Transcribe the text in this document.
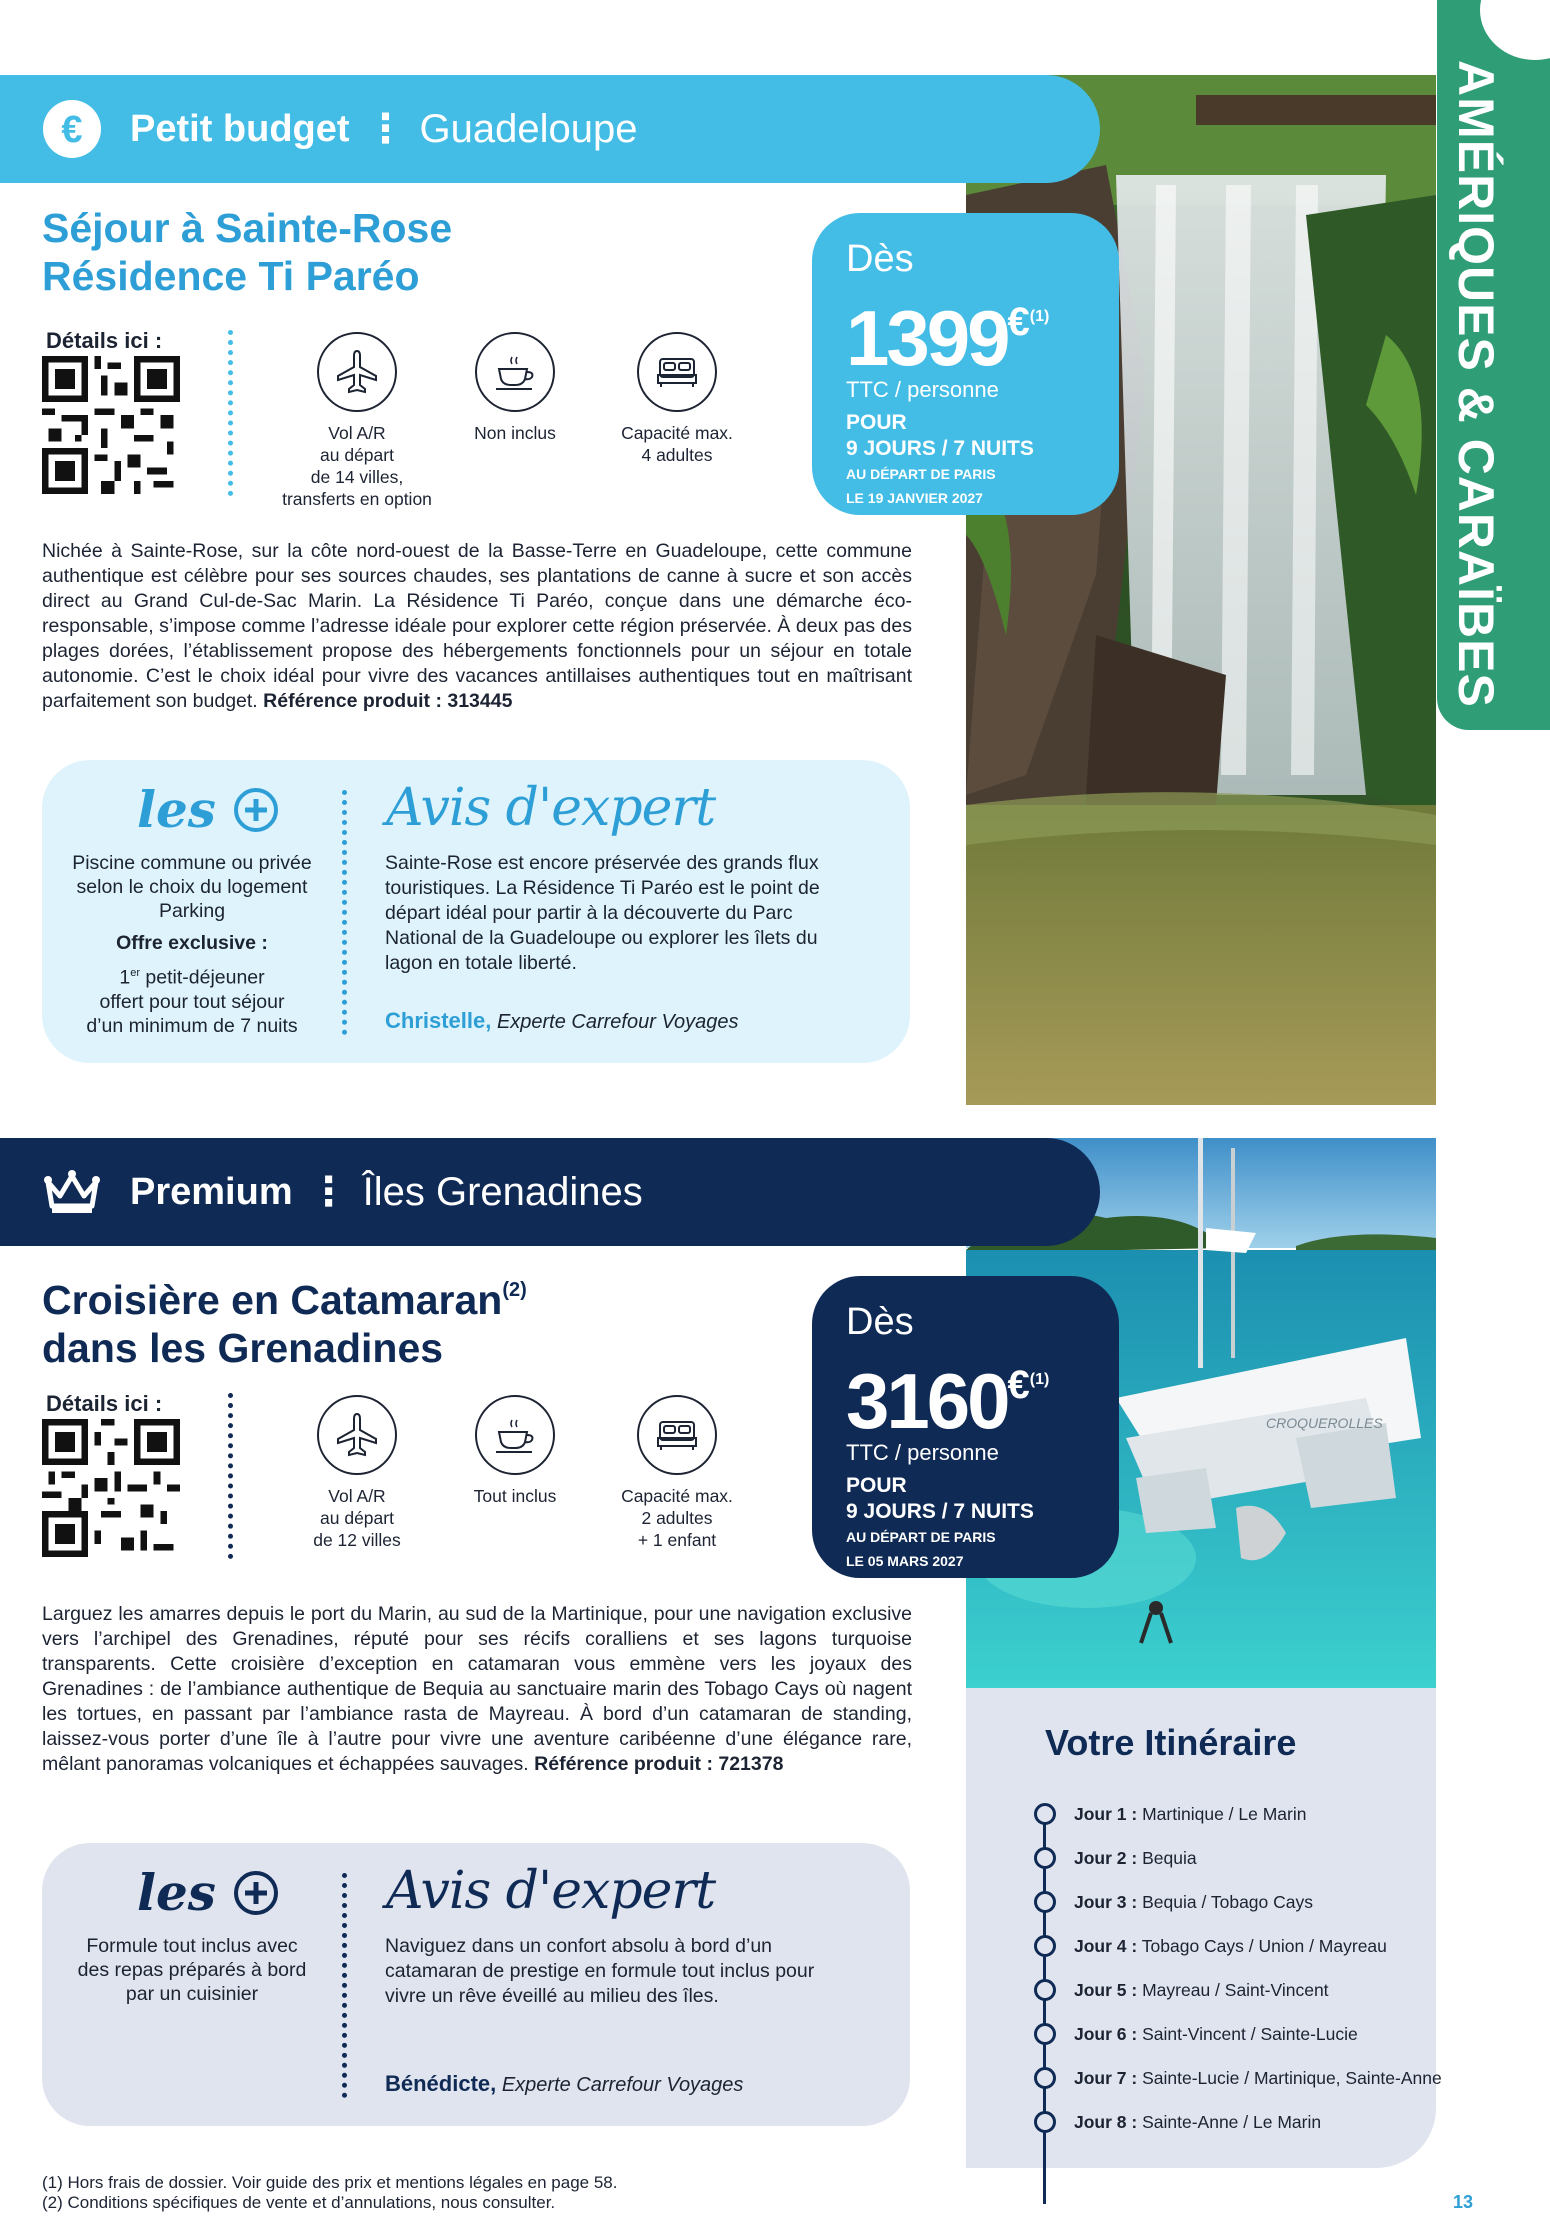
AMÉRIQUES & CARAÏBES
€ Petit budget ⋮ Guadeloupe
Séjour à Sainte-Rose
Résidence Ti Paréo
Détails ici :
Vol A/R
au départ
de 14 villes,
transferts en option
Non inclus	Capacité max.
4 adultes
Dès
1399$^{€(1)}$
TTC / personne
POUR
9 JOURS / 7 NUITS
AU DÉPART DE PARIS
LE 19 JANVIER 2027
Avec transport
Nichée à Sainte-Rose, sur la côte nord-ouest de la Basse-Terre en Guadeloupe, cette commune authentique est célèbre pour ses sources chaudes, ses plantations de canne à sucre et son accès direct au Grand Cul-de-Sac Marin. La Résidence Ti Paréo, conçue dans une démarche éco-responsable, s’impose comme l’adresse idéale pour explorer cette région préservée. À deux pas des plages dorées, l’établissement propose des hébergements fonctionnels pour un séjour en totale autonomie. C’est le choix idéal pour vivre des vacances antillaises authentiques tout en maîtrisant parfaitement son budget. Référence produit : 313445
les
Piscine commune ou privée
selon le choix du logement
Parking
Offre exclusive :
1er petit-déjeuner
offert pour tout séjour
d’un minimum de 7 nuits
Avis d'expert
Sainte-Rose est encore préservée des grands flux touristiques. La Résidence Ti Paréo est le point de départ idéal pour partir à la découverte du Parc National de la Guadeloupe ou explorer les îlets du lagon en totale liberté.
Christelle, Experte Carrefour Voyages
CROQUEROLLES
Premium ⋮ Îles Grenadines
Croisière en Catamaran$^{(2)}$
dans les Grenadines
Détails ici :
Vol A/R
au départ
de 12 villes
Tout inclus	Capacité max.
2 adultes
+ 1 enfant
Dès
3160$^{€(1)}$
TTC / personne
POUR
9 JOURS / 7 NUITS
AU DÉPART DE PARIS
LE 05 MARS 2027
Avec transport
Larguez les amarres depuis le port du Marin, au sud de la Martinique, pour une navigation exclusive vers l’archipel des Grenadines, réputé pour ses récifs coralliens et ses lagons turquoise transparents. Cette croisière d’exception en catamaran vous emmène vers les joyaux des Grenadines : de l’ambiance authentique de Bequia au sanctuaire marin des Tobago Cays où nagent les tortues, en passant par l’ambiance rasta de Mayreau. À bord d’un catamaran de standing, laissez-vous porter d’une île à l’autre pour vivre une aventure caribéenne d’une élégance rare, mêlant panoramas volcaniques et échappées sauvages. Référence produit : 721378
les
Formule tout inclus avec
des repas préparés à bord
par un cuisinier
Avis d'expert
Naviguez dans un confort absolu à bord d’un catamaran de prestige en formule tout inclus pour vivre un rêve éveillé au milieu des îles.
Bénédicte, Experte Carrefour Voyages
Votre Itinéraire
Jour 1 : Martinique / Le Marin
Jour 2 : Bequia
Jour 3 : Bequia / Tobago Cays
Jour 4 : Tobago Cays / Union / Mayreau
Jour 5 : Mayreau / Saint-Vincent
Jour 6 : Saint-Vincent / Sainte-Lucie
Jour 7 : Sainte-Lucie / Martinique, Sainte-Anne
Jour 8 : Sainte-Anne / Le Marin
(1) Hors frais de dossier. Voir guide des prix et mentions légales en page 58.
(2) Conditions spécifiques de vente et d’annulations, nous consulter.	13
